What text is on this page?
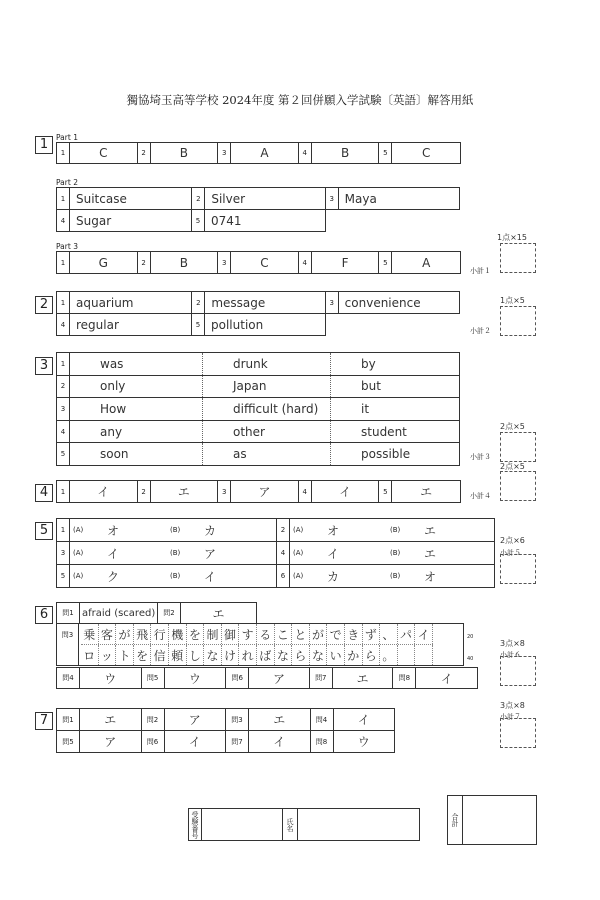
獨協埼玉高等学校 2024年度 第２回併願入学試験〔英語〕解答用紙
1	Part 1
1	C	2	B	3	A	4	B	5	C
Part 2
1 Suitcase	2 Silver	3 Maya
4 Sugar	5 0741
Part 3
1	G	2	B	3	C	4	F	5	A
1点×15
小計１
2	1 aquarium	2 message	3 convenience
4 regular	5 pollution
1点×5
小計２
3	1	was	drunk	by
2	only	Japan	but
3	How	difficult (hard)	it
4	any	other	student
5	soon	as	possible
2点×5
小計３
4	1	イ	2	エ	3	ア	4	イ	5	エ
2点×5
小計４
5	1	(A)	オ	(B)	カ	2	(A)	オ	(B)	エ
3	(A)	イ	(B)	ア	4	(A)	イ	(B)	エ
5	(A)	ク	(B)	イ	6	(A)	カ	(B)	オ
2点×6
小計５
6	問1 afraid (scared)	問2	エ
問3 乗 客 が 飛 行 機 を 制 御 す る こ と が で き ず 、 パ イ
ロ ッ ト を 信 頼 し な け れ ば な ら な い か ら 。
20
40
問4	ウ	問5	ウ	問6	ア	問7	エ	問8	イ
3点×8
小計６
7	問1	エ	問2	ア	問3	エ	問4	イ
問5	ア	問6	イ	問7	イ	問8	ウ
3点×8
小計７
受験番号	氏名	合計
